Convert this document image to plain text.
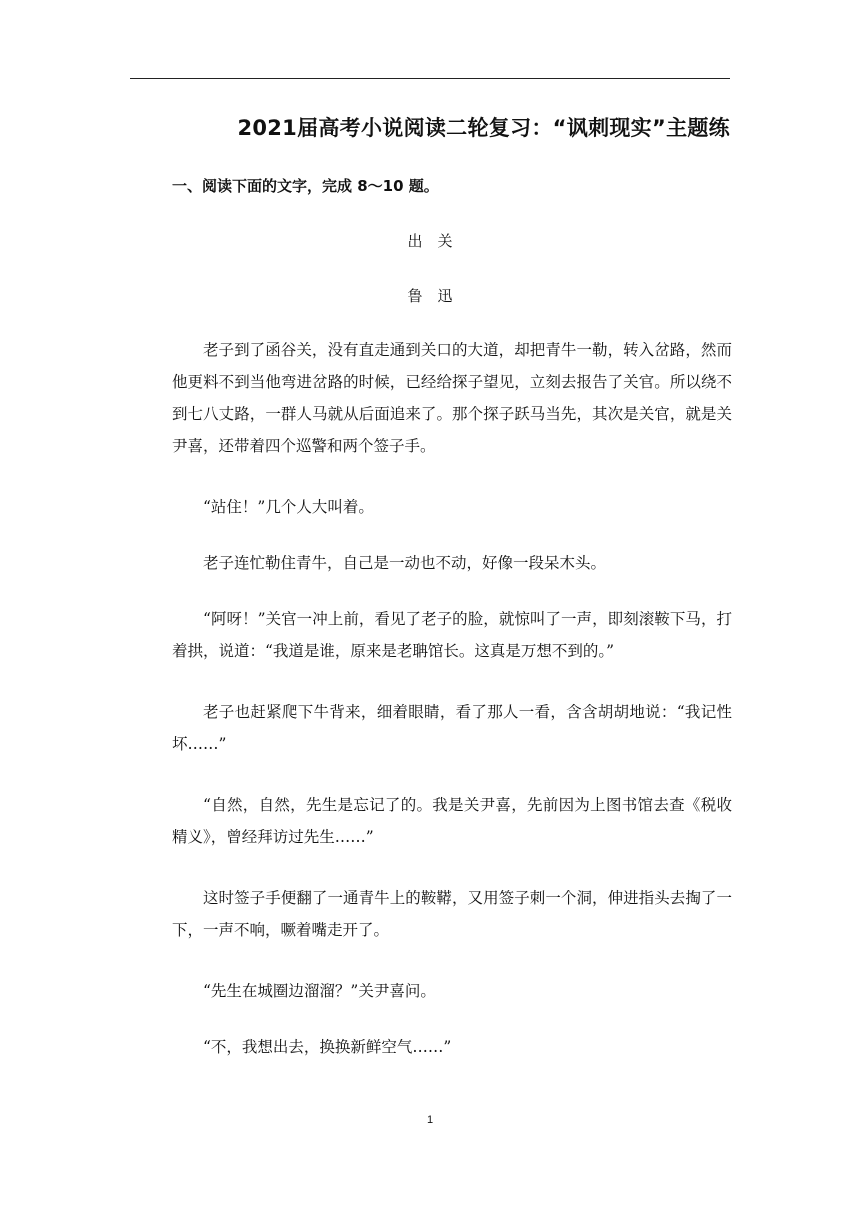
2021届高考小说阅读二轮复习：“讽刺现实”主题练
一、阅读下面的文字，完成 8～10 题。
出关
鲁迅

老子到了函谷关，没有直走通到关口的大道，却把青牛一勒，转入岔路，然而他更料不到当他弯进岔路的时候，已经给探子望见，立刻去报告了关官。所以绕不到七八丈路，一群人马就从后面追来了。那个探子跃马当先，其次是关官，就是关尹喜，还带着四个巡警和两个签子手。

“站住！”几个人大叫着。

老子连忙勒住青牛，自己是一动也不动，好像一段呆木头。

“阿呀！”关官一冲上前，看见了老子的脸，就惊叫了一声，即刻滚鞍下马，打着拱，说道：“我道是谁，原来是老聃馆长。这真是万想不到的。”

老子也赶紧爬下牛背来，细着眼睛，看了那人一看，含含胡胡地说：“我记性坏……”

“自然，自然，先生是忘记了的。我是关尹喜，先前因为上图书馆去查《税收精义》，曾经拜访过先生……”

这时签子手便翻了一通青牛上的鞍鞯，又用签子刺一个洞，伸进指头去掏了一下，一声不响，噘着嘴走开了。

“先生在城圈边溜溜？”关尹喜问。

“不，我想出去，换换新鲜空气……”

1
